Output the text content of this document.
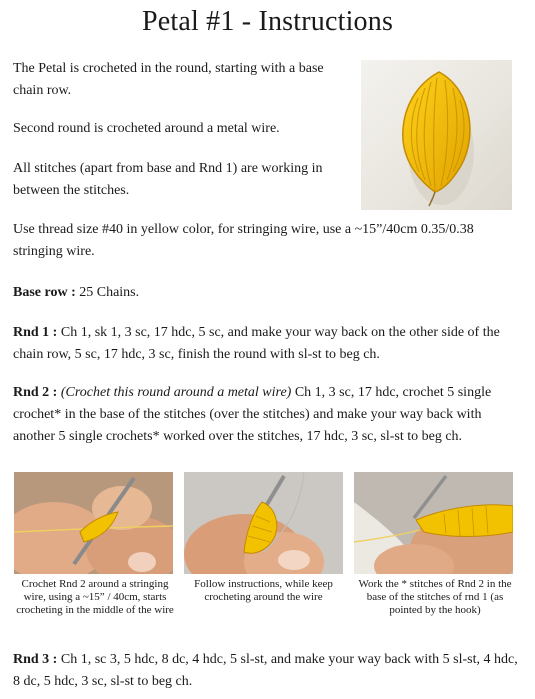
Petal #1 - Instructions

The Petal is crocheted in the round, starting with a base chain row.

Second round is crocheted around a metal wire.

All stitches (apart from base and Rnd 1) are working in between the stitches.

Use thread size #40 in yellow color, for stringing wire, use a ~15”/40cm 0.35/0.38 stringing wire.

Base row : 25 Chains.

Rnd 1 : Ch 1, sk 1, 3 sc, 17 hdc, 5 sc, and make your way back on the other side of the chain row, 5 sc, 17 hdc, 3 sc, finish the round with sl-st to beg ch.

Rnd 2 : (Crochet this round around a metal wire) Ch 1, 3 sc, 17 hdc, crochet 5 single crochet* in the base of the stitches (over the stitches) and make your way back with another 5 single crochets* worked over the stitches, 17 hdc, 3 sc, sl-st to beg ch.

Crochet Rnd 2 around a stringing wire, using a ~15” / 40cm, starts crocheting in the middle of the wire

Follow instructions, while keep crocheting around the wire

Work the * stitches of Rnd 2 in the base of the stitches of rnd 1 (as pointed by the hook)

Rnd 3 : Ch 1, sc 3, 5 hdc, 8 dc, 4 hdc, 5 sl-st, and make your way back with 5 sl-st, 4 hdc, 8 dc, 5 hdc, 3 sc, sl-st to beg ch.
